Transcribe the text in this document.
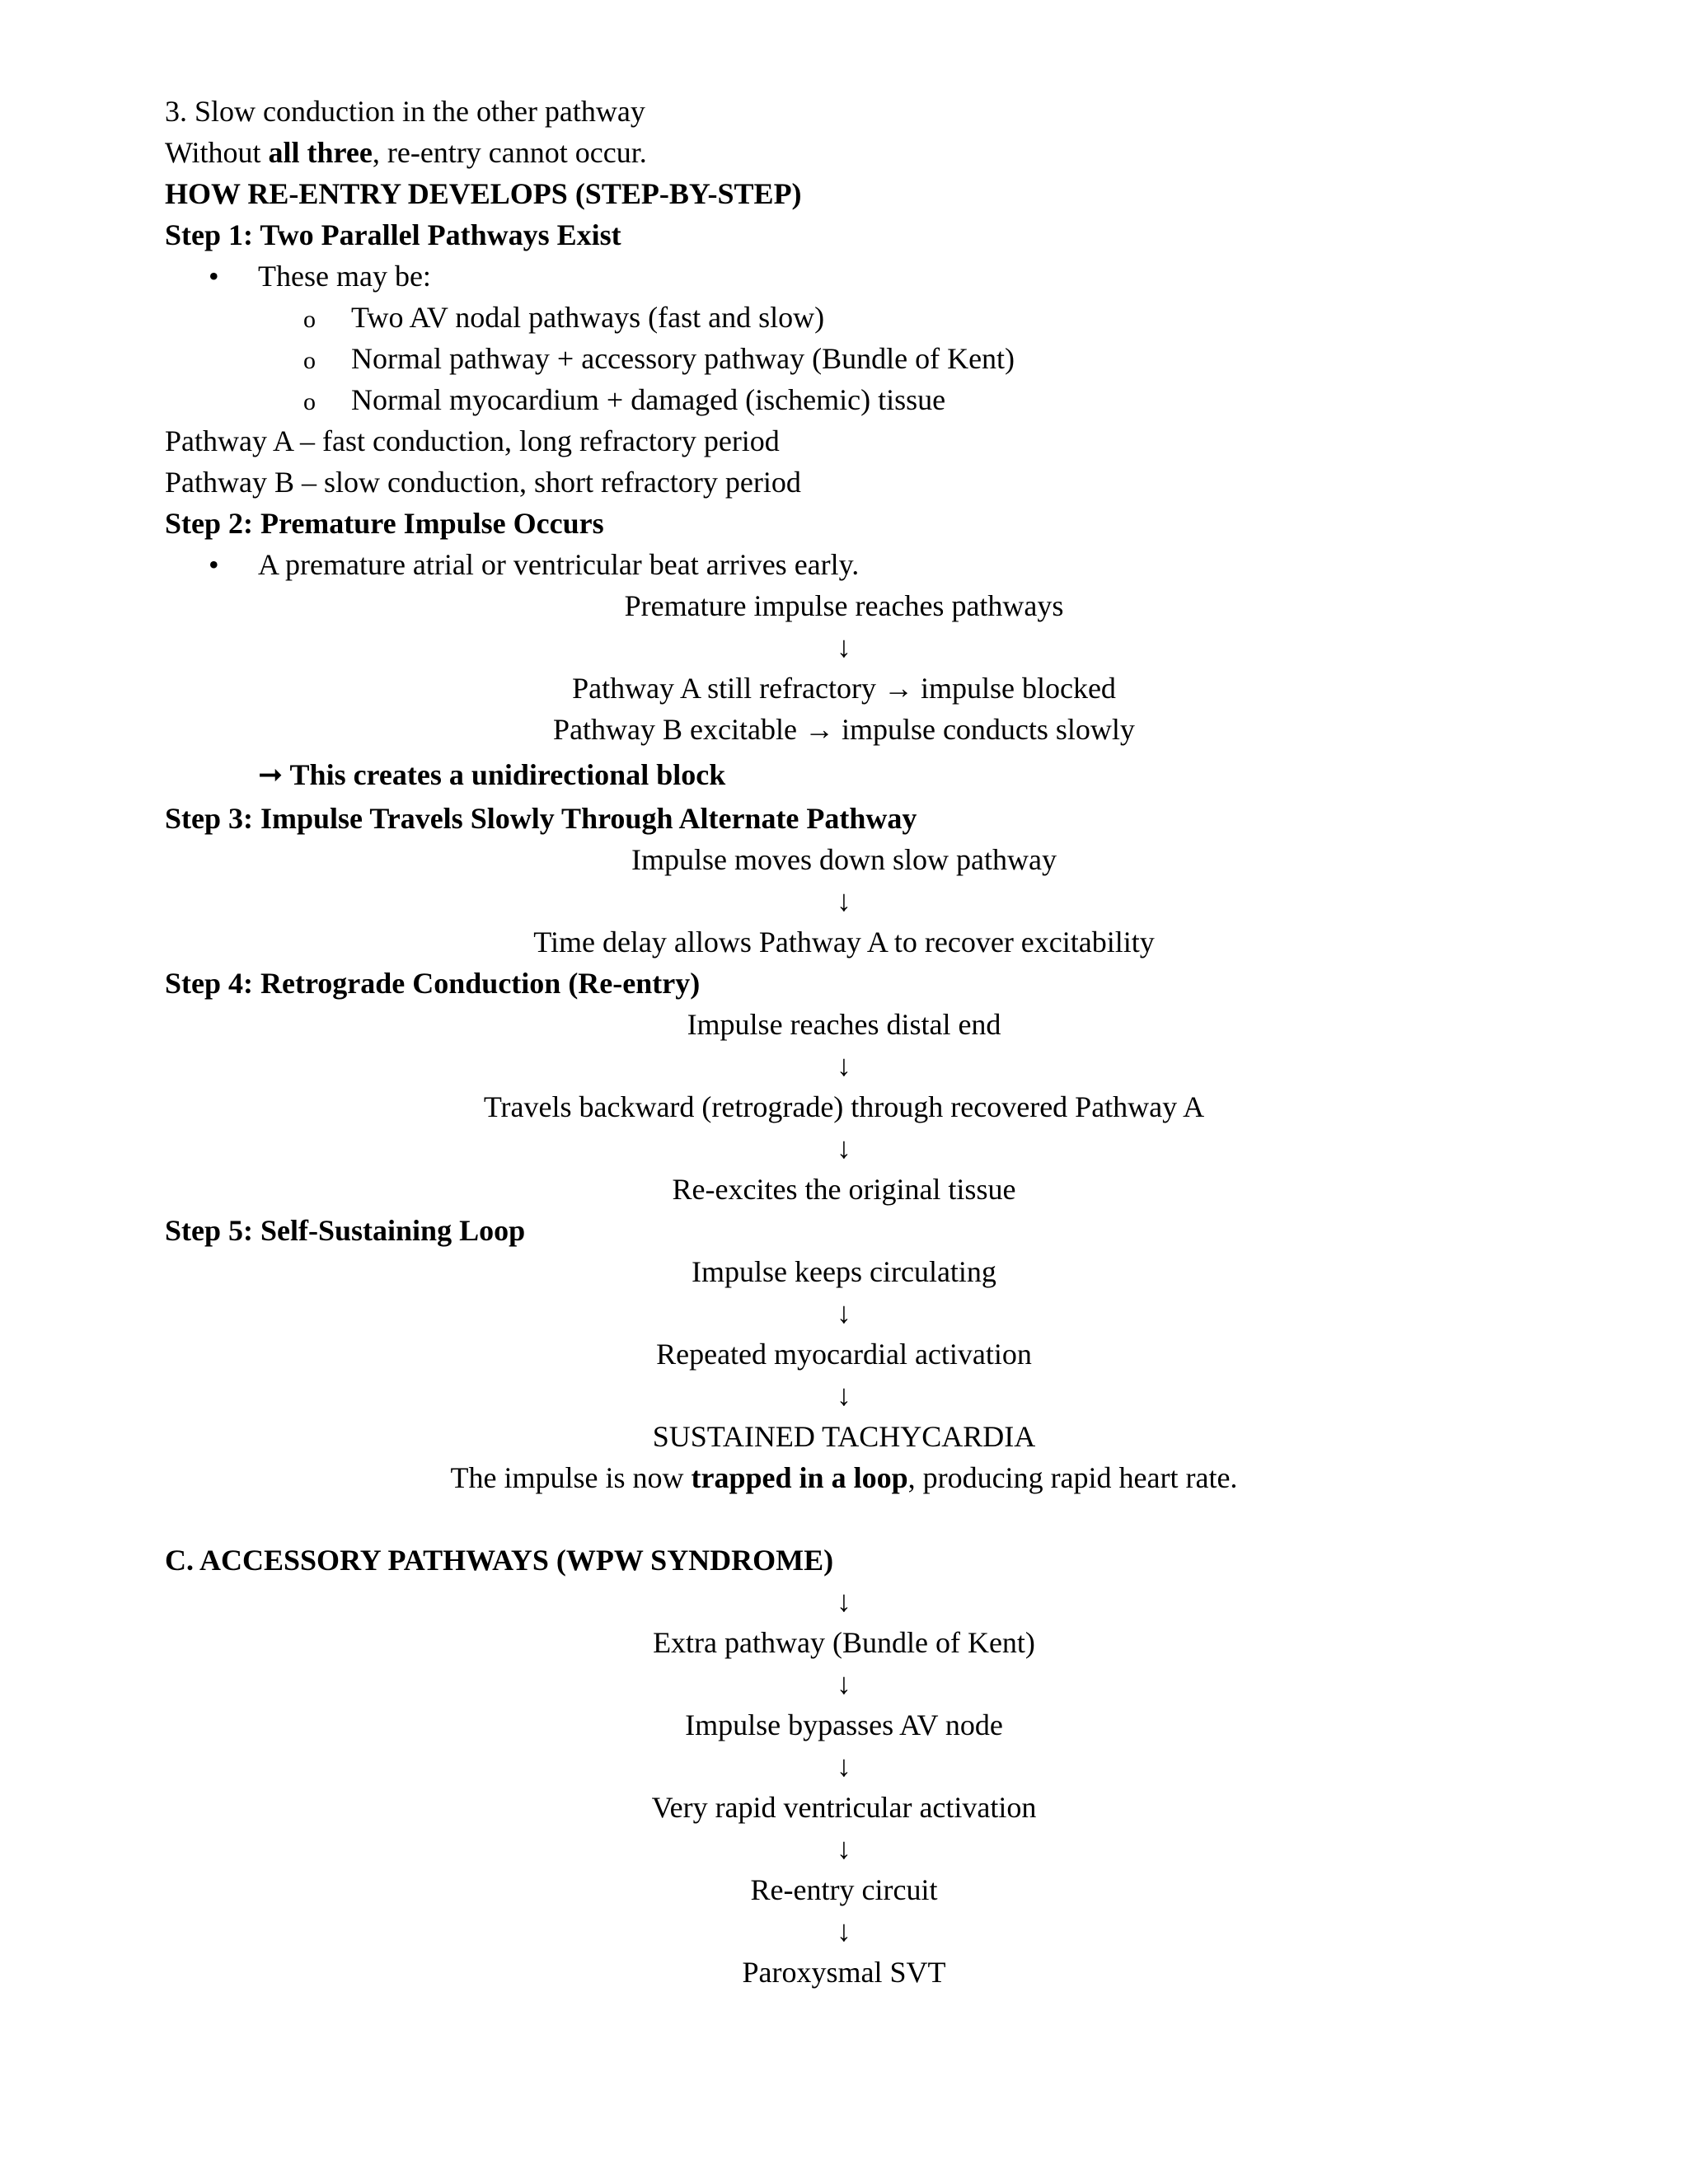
3. Slow conduction in the other pathway
Without all three, re-entry cannot occur.
HOW RE-ENTRY DEVELOPS (STEP-BY-STEP)
Step 1: Two Parallel Pathways Exist
• These may be:
o Two AV nodal pathways (fast and slow)
o Normal pathway + accessory pathway (Bundle of Kent)
o Normal myocardium + damaged (ischemic) tissue
Pathway A – fast conduction, long refractory period
Pathway B – slow conduction, short refractory period
Step 2: Premature Impulse Occurs
• A premature atrial or ventricular beat arrives early.
Premature impulse reaches pathways
↓
Pathway A still refractory → impulse blocked
Pathway B excitable → impulse conducts slowly
➞ This creates a unidirectional block
Step 3: Impulse Travels Slowly Through Alternate Pathway
Impulse moves down slow pathway
↓
Time delay allows Pathway A to recover excitability
Step 4: Retrograde Conduction (Re-entry)
Impulse reaches distal end
↓
Travels backward (retrograde) through recovered Pathway A
↓
Re-excites the original tissue
Step 5: Self-Sustaining Loop
Impulse keeps circulating
↓
Repeated myocardial activation
↓
SUSTAINED TACHYCARDIA
The impulse is now trapped in a loop, producing rapid heart rate.
C. ACCESSORY PATHWAYS (WPW SYNDROME)
↓
Extra pathway (Bundle of Kent)
↓
Impulse bypasses AV node
↓
Very rapid ventricular activation
↓
Re-entry circuit
↓
Paroxysmal SVT
